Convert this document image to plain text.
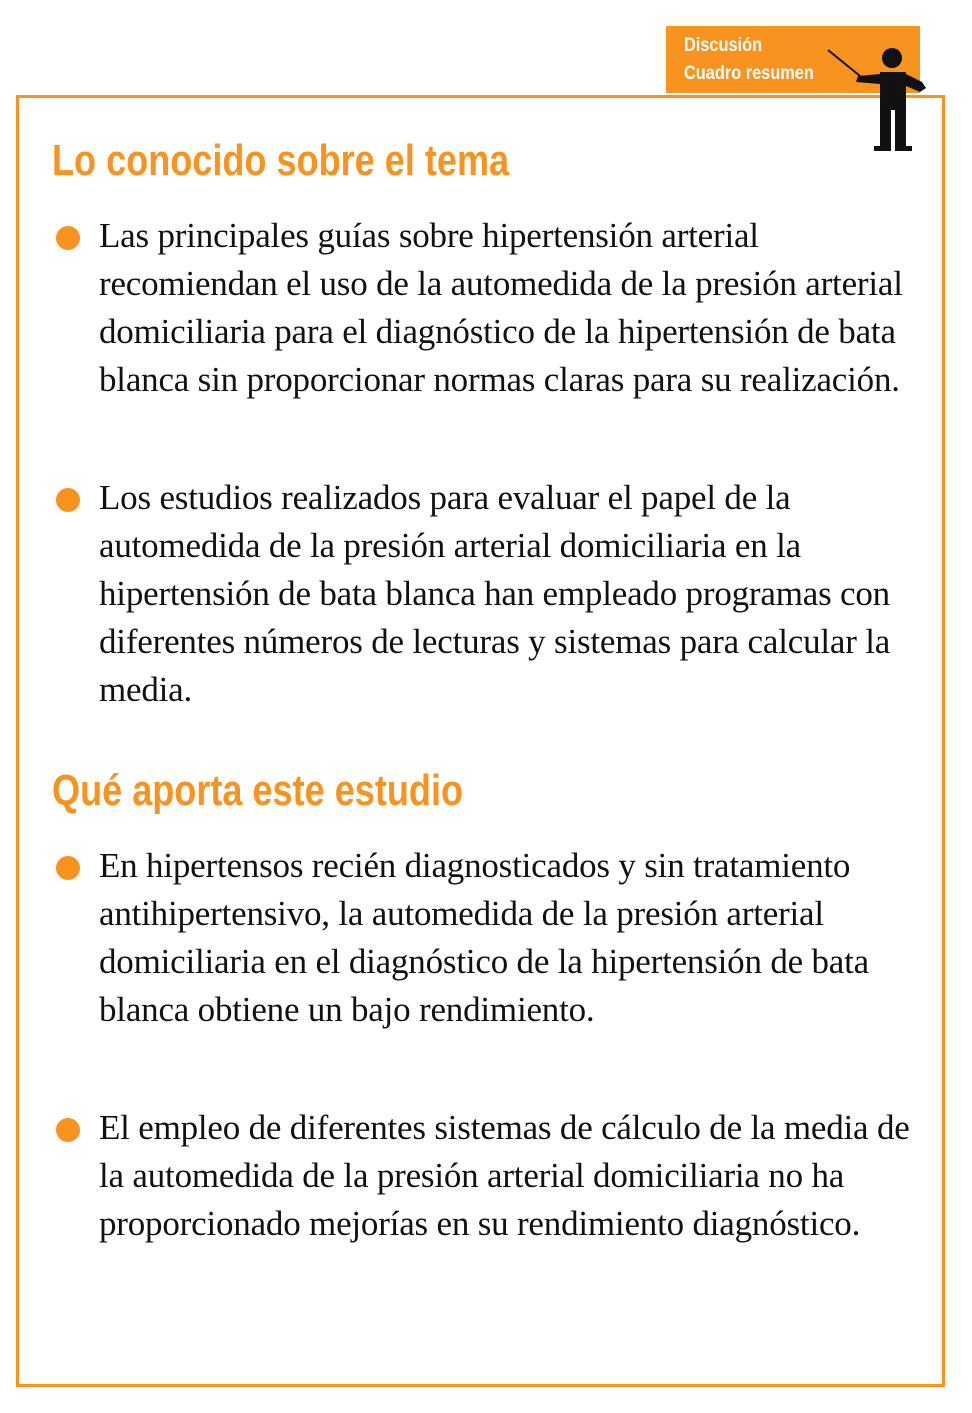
Discusión
Cuadro resumen
Lo conocido sobre el tema
Las principales guías sobre hipertensión arterial recomiendan el uso de la automedida de la presión arterial domiciliaria para el diagnóstico de la hipertensión de bata blanca sin proporcionar normas claras para su realización.
Los estudios realizados para evaluar el papel de la automedida de la presión arterial domiciliaria en la hipertensión de bata blanca han empleado programas con diferentes números de lecturas y sistemas para calcular la media.
Qué aporta este estudio
En hipertensos recién diagnosticados y sin tratamiento antihipertensivo, la automedida de la presión arterial domiciliaria en el diagnóstico de la hipertensión de bata blanca obtiene un bajo rendimiento.
El empleo de diferentes sistemas de cálculo de la media de la automedida de la presión arterial domiciliaria no ha proporcionado mejorías en su rendimiento diagnóstico.
